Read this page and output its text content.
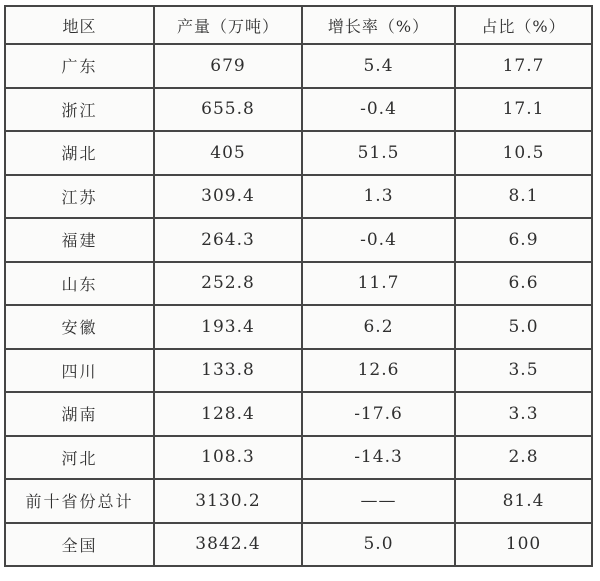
地区	产量（万吨）	增长率（%）	占比（%）
广东	679	5.4	17.7
浙江	655.8	-0.4	17.1
湖北	405	51.5	10.5
江苏	309.4	1.3	8.1
福建	264.3	-0.4	6.9
山东	252.8	11.7	6.6
安徽	193.4	6.2	5.0
四川	133.8	12.6	3.5
湖南	128.4	-17.6	3.3
河北	108.3	-14.3	2.8
前十省份总计	3130.2	——	81.4
全国	3842.4	5.0	100
